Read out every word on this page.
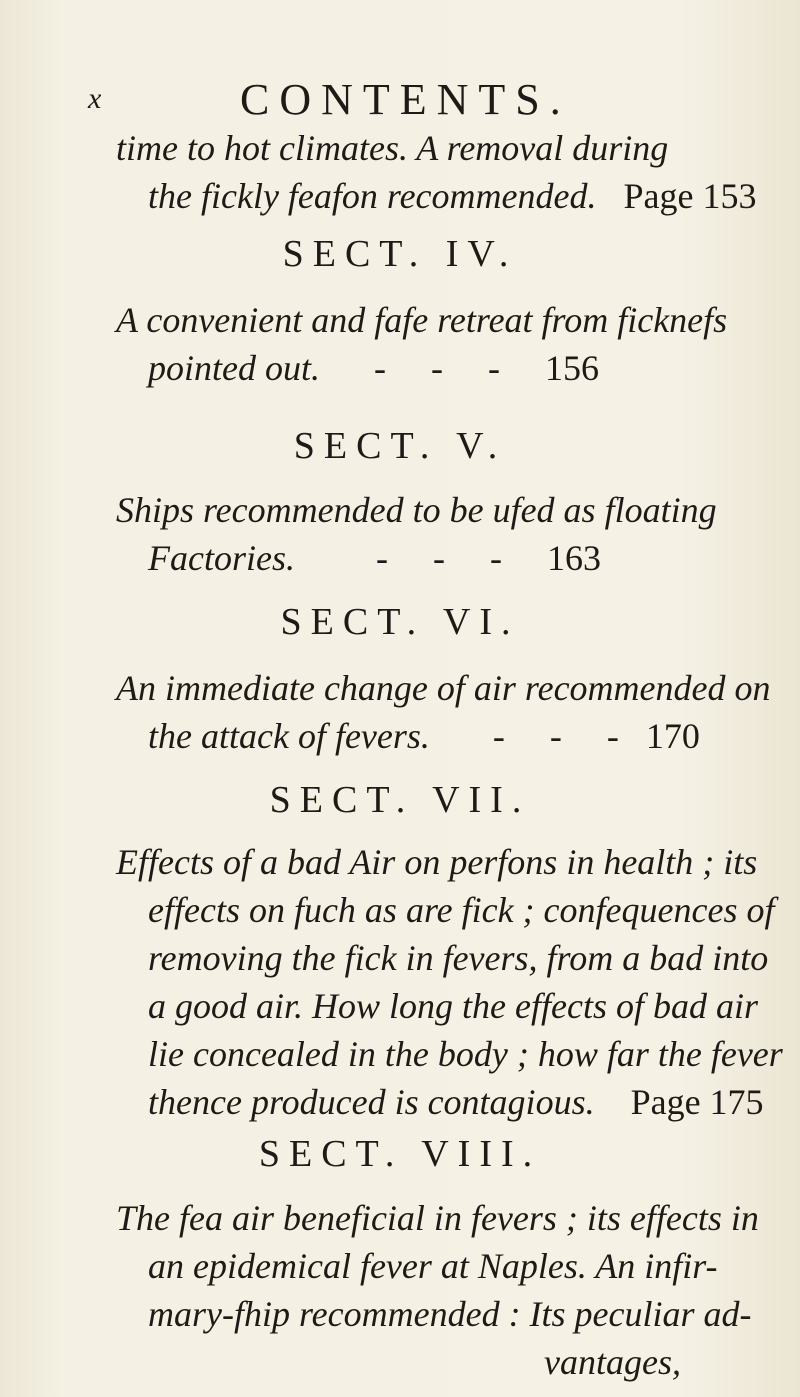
x	CONTENTS.
time to hot climates. A removal during
the fickly feafon recommended. Page 153
SECT. IV.
A convenient and fafe retreat from ficknefs
pointed out. - - - 156
SECT. V.
Ships recommended to be ufed as floating
Factories. - - - 163
SECT. VI.
An immediate change of air recommended on
the attack of fevers. - - - 170
SECT. VII.
Effects of a bad Air on perfons in health ; its
effects on fuch as are fick ; confequences of
removing the fick in fevers, from a bad into
a good air. How long the effects of bad air
lie concealed in the body ; how far the fever
thence produced is contagious. Page 175
SECT. VIII.
The fea air beneficial in fevers ; its effects in
an epidemical fever at Naples. An infir-
mary-fhip recommended : Its peculiar ad-
vantages,
